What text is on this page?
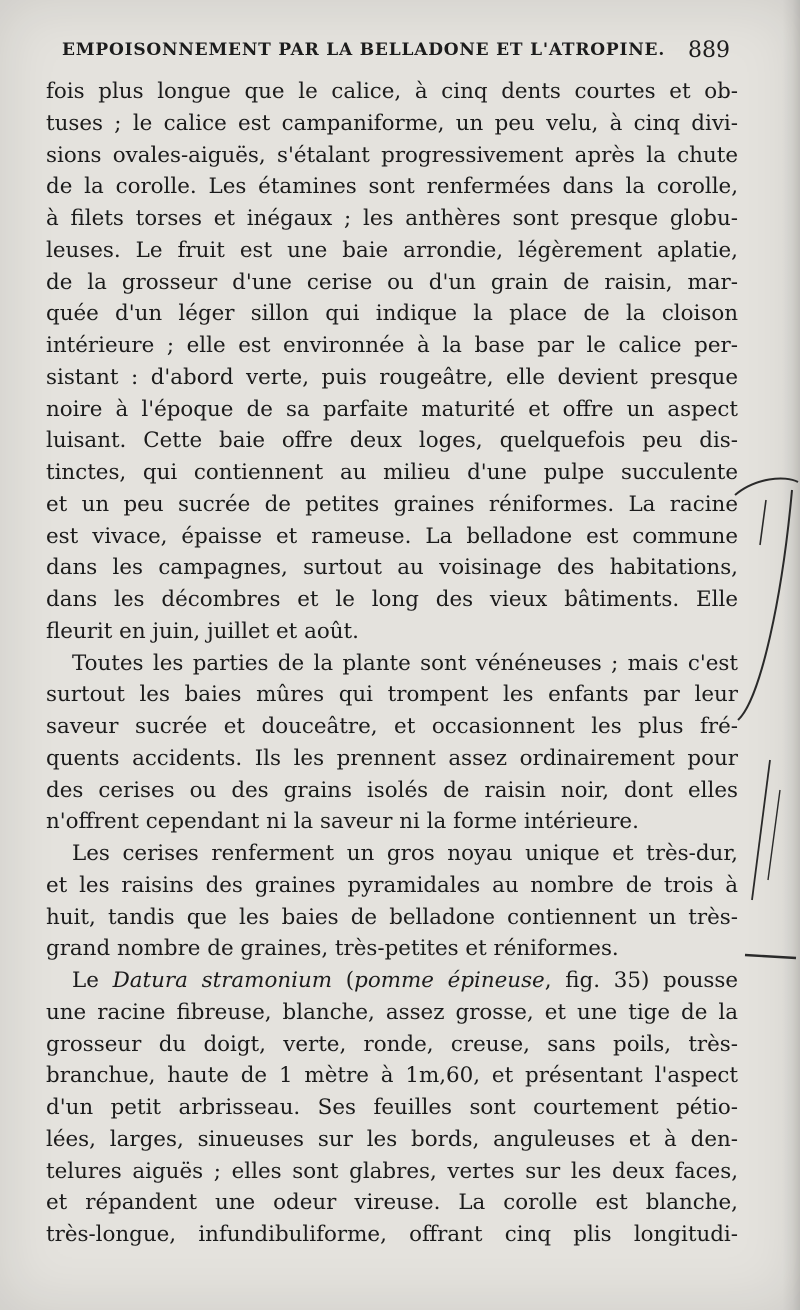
EMPOISONNEMENT PAR LA BELLADONE ET L'ATROPINE. 889
fois plus longue que le calice, à cinq dents courtes et ob-
tuses ; le calice est campaniforme, un peu velu, à cinq divi-
sions ovales-aiguës, s'étalant progressivement après la chute
de la corolle. Les étamines sont renfermées dans la corolle,
à filets torses et inégaux ; les anthères sont presque globu-
leuses. Le fruit est une baie arrondie, légèrement aplatie,
de la grosseur d'une cerise ou d'un grain de raisin, mar-
quée d'un léger sillon qui indique la place de la cloison
intérieure ; elle est environnée à la base par le calice per-
sistant : d'abord verte, puis rougeâtre, elle devient presque
noire à l'époque de sa parfaite maturité et offre un aspect
luisant. Cette baie offre deux loges, quelquefois peu dis-
tinctes, qui contiennent au milieu d'une pulpe succulente
et un peu sucrée de petites graines réniformes. La racine
est vivace, épaisse et rameuse. La belladone est commune
dans les campagnes, surtout au voisinage des habitations,
dans les décombres et le long des vieux bâtiments. Elle
fleurit en juin, juillet et août.
Toutes les parties de la plante sont vénéneuses ; mais c'est
surtout les baies mûres qui trompent les enfants par leur
saveur sucrée et douceâtre, et occasionnent les plus fré-
quents accidents. Ils les prennent assez ordinairement pour
des cerises ou des grains isolés de raisin noir, dont elles
n'offrent cependant ni la saveur ni la forme intérieure.
Les cerises renferment un gros noyau unique et très-dur,
et les raisins des graines pyramidales au nombre de trois à
huit, tandis que les baies de belladone contiennent un très-
grand nombre de graines, très-petites et réniformes.
Le Datura stramonium (pomme épineuse, fig. 35) pousse
une racine fibreuse, blanche, assez grosse, et une tige de la
grosseur du doigt, verte, ronde, creuse, sans poils, très-
branchue, haute de 1 mètre à 1m,60, et présentant l'aspect
d'un petit arbrisseau. Ses feuilles sont courtement pétio-
lées, larges, sinueuses sur les bords, anguleuses et à den-
telures aiguës ; elles sont glabres, vertes sur les deux faces,
et répandent une odeur vireuse. La corolle est blanche,
très-longue, infundibuliforme, offrant cinq plis longitudi-
